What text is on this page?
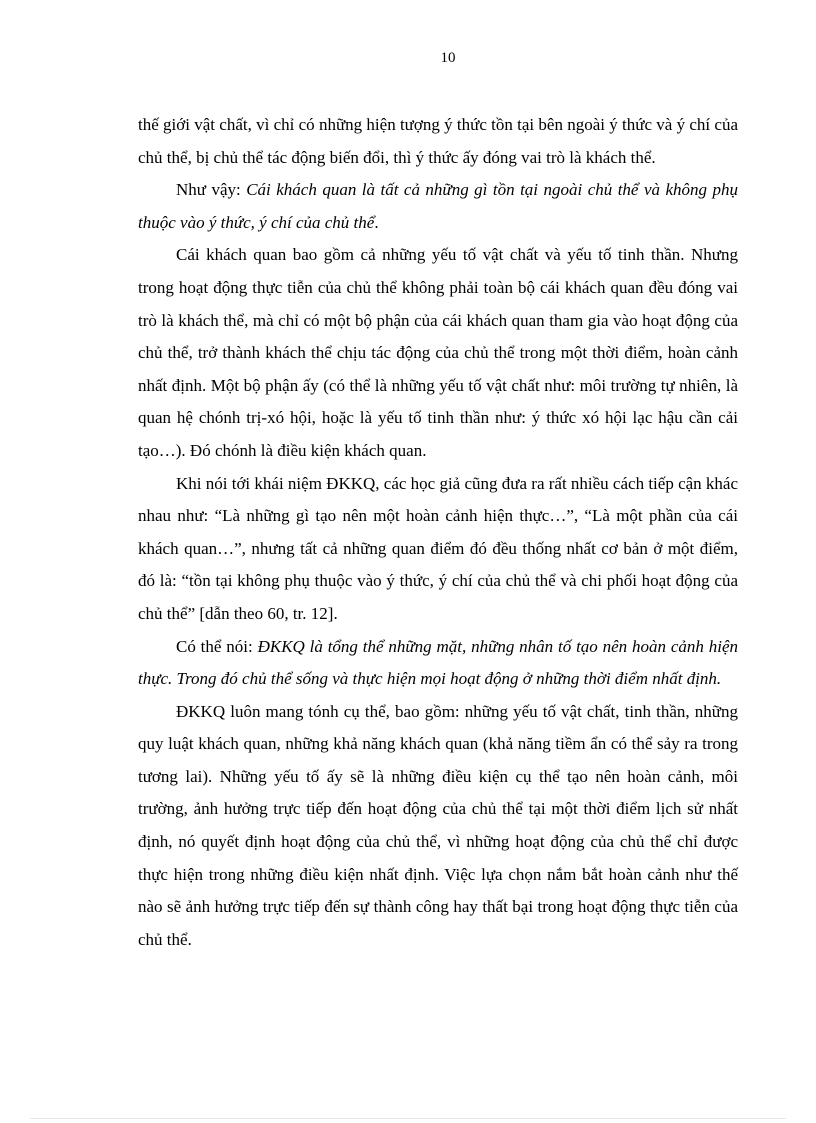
10

thế giới vật chất, vì chỉ có những hiện tượng ý thức tồn tại bên ngoài ý thức và ý chí của chủ thể, bị chủ thể tác động biến đổi, thì ý thức ấy đóng vai trò là khách thể.

Như vậy: Cái khách quan là tất cả những gì tồn tại ngoài chủ thể và không phụ thuộc vào ý thức, ý chí của chủ thể.

Cái khách quan bao gồm cả những yếu tố vật chất và yếu tố tinh thần. Nhưng trong hoạt động thực tiễn của chủ thể không phải toàn bộ cái khách quan đều đóng vai trò là khách thể, mà chỉ có một bộ phận của cái khách quan tham gia vào hoạt động của chủ thể, trở thành khách thể chịu tác động của chủ thể trong một thời điểm, hoàn cảnh nhất định. Một bộ phận ấy (có thể là những yếu tố vật chất như: môi trường tự nhiên, là quan hệ chónh trị-xó hội, hoặc là yếu tố tinh thần như: ý thức xó hội lạc hậu cần cải tạo…). Đó chónh là điều kiện khách quan.

Khi nói tới khái niệm ĐKKQ, các học giả cũng đưa ra rất nhiều cách tiếp cận khác nhau như: “Là những gì tạo nên một hoàn cảnh hiện thực…”, “Là một phần của cái khách quan…”, nhưng tất cả những quan điểm đó đều thống nhất cơ bản ở một điểm, đó là: “tồn tại không phụ thuộc vào ý thức, ý chí của chủ thể và chi phối hoạt động của chủ thể” [dẫn theo 60, tr. 12].

Có thể nói: ĐKKQ là tổng thể những mặt, những nhân tố tạo nên hoàn cảnh hiện thực. Trong đó chủ thể sống và thực hiện mọi hoạt động ở những thời điểm nhất định.

ĐKKQ luôn mang tónh cụ thể, bao gồm: những yếu tố vật chất, tinh thần, những quy luật khách quan, những khả năng khách quan (khả năng tiềm ẩn có thể sảy ra trong tương lai). Những yếu tố ấy sẽ là những điều kiện cụ thể tạo nên hoàn cảnh, môi trường, ảnh hưởng trực tiếp đến hoạt động của chủ thể tại một thời điểm lịch sử nhất định, nó quyết định hoạt động của chủ thể, vì những hoạt động của chủ thể chỉ được thực hiện trong những điều kiện nhất định. Việc lựa chọn nắm bắt hoàn cảnh như thế nào sẽ ảnh hưởng trực tiếp đến sự thành công hay thất bại trong hoạt động thực tiễn của chủ thể.
